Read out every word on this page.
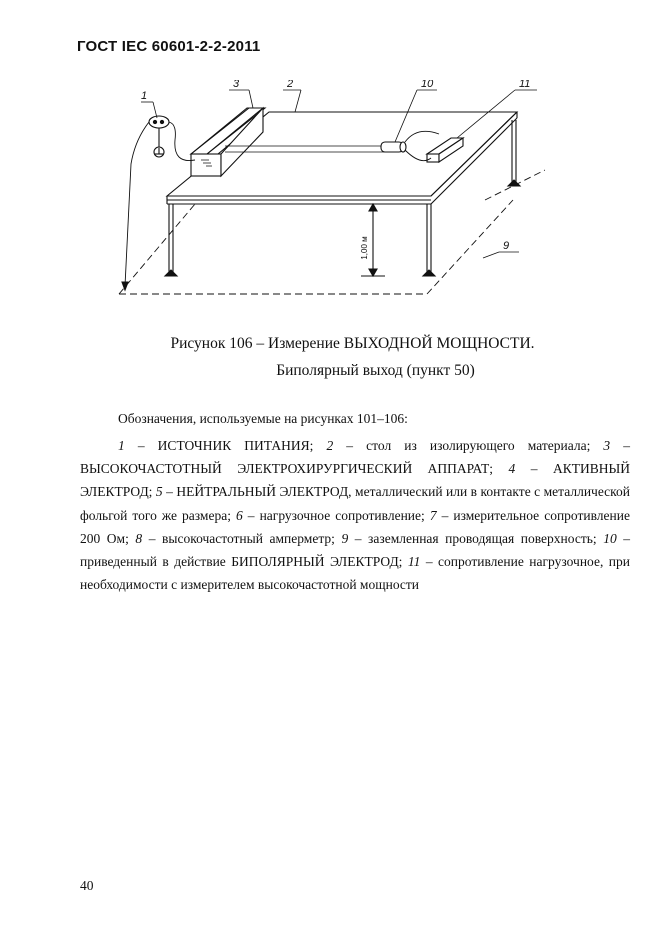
ГОСТ IEC 60601-2-2-2011
1,00 м
1
3	2	10	11
9
Рисунок 106 – Измерение ВЫХОДНОЙ МОЩНОСТИ.
Биполярный выход (пункт 50)
Обозначения, используемые на рисунках 101–106:
1 – ИСТОЧНИК ПИТАНИЯ; 2 – стол из изолирующего материала; 3 – ВЫСОКОЧАСТОТНЫЙ ЭЛЕКТРОХИРУРГИЧЕСКИЙ АППАРАТ; 4 – АКТИВНЫЙ ЭЛЕКТРОД; 5 – НЕЙТРАЛЬНЫЙ ЭЛЕКТРОД, металлический или в контакте с металлической фольгой того же размера; 6 – нагрузочное сопротивление; 7 – измерительное сопротивление 200 Ом; 8 – высокочастотный амперметр; 9 – заземленная проводящая поверхность; 10 – приведенный в действие БИПОЛЯРНЫЙ ЭЛЕКТРОД; 11 – сопротивление нагрузочное, при необходимости с измерителем высокочастотной мощности
40
